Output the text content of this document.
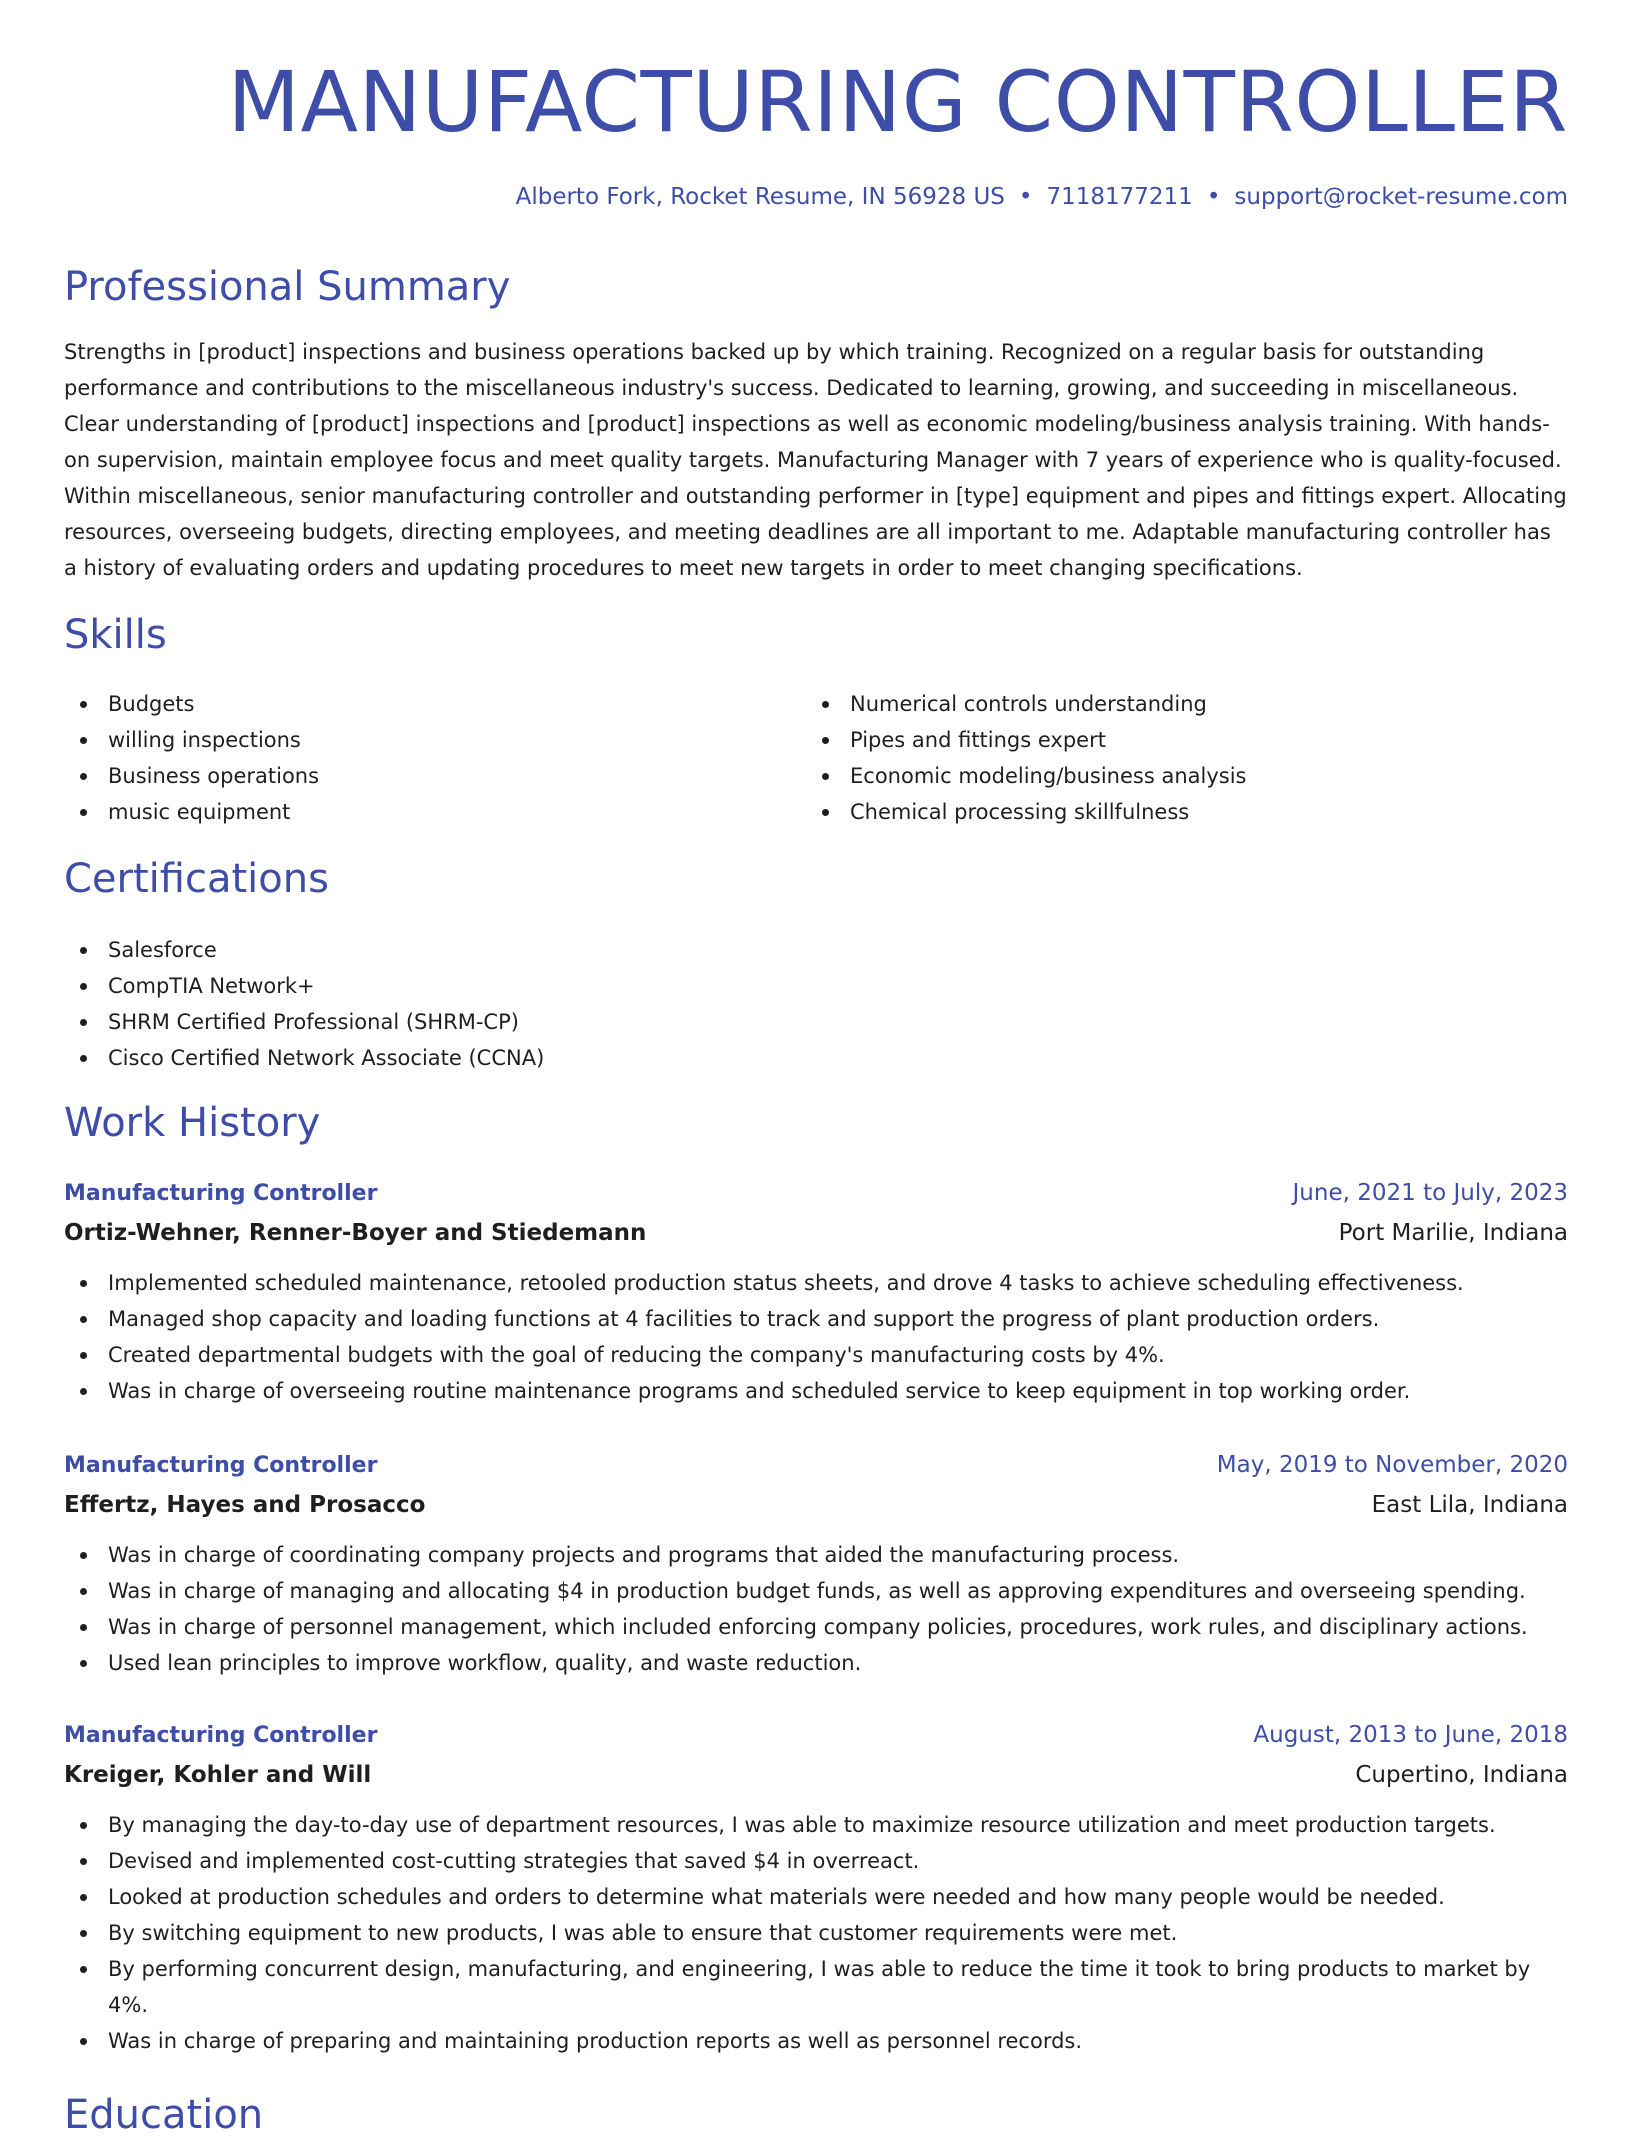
MANUFACTURING CONTROLLER
Alberto Fork, Rocket Resume, IN 56928 US • 7118177211 • support@rocket-resume.com
Professional Summary

Strengths in [product] inspections and business operations backed up by which training. Recognized on a regular basis for outstanding performance and contributions to the miscellaneous industry's success. Dedicated to learning, growing, and succeeding in miscellaneous. Clear understanding of [product] inspections and [product] inspections as well as economic modeling/business analysis training. With hands-on supervision, maintain employee focus and meet quality targets. Manufacturing Manager with 7 years of experience who is quality-focused. Within miscellaneous, senior manufacturing controller and outstanding performer in [type] equipment and pipes and fittings expert. Allocating resources, overseeing budgets, directing employees, and meeting deadlines are all important to me. Adaptable manufacturing controller has a history of evaluating orders and updating procedures to meet new targets in order to meet changing specifications.

Skills
Budgets
willing inspections
Business operations
music equipment
Numerical controls understanding
Pipes and fittings expert
Economic modeling/business analysis
Chemical processing skillfulness
Certifications
Salesforce
CompTIA Network+
SHRM Certified Professional (SHRM-CP)
Cisco Certified Network Associate (CCNA)
Work History
Manufacturing Controller	June, 2021 to July, 2023
Ortiz-Wehner, Renner-Boyer and Stiedemann	Port Marilie, Indiana
Implemented scheduled maintenance, retooled production status sheets, and drove 4 tasks to achieve scheduling effectiveness.
Managed shop capacity and loading functions at 4 facilities to track and support the progress of plant production orders.
Created departmental budgets with the goal of reducing the company's manufacturing costs by 4%.
Was in charge of overseeing routine maintenance programs and scheduled service to keep equipment in top working order.
Manufacturing Controller	May, 2019 to November, 2020
Effertz, Hayes and Prosacco	East Lila, Indiana
Was in charge of coordinating company projects and programs that aided the manufacturing process.
Was in charge of managing and allocating $4 in production budget funds, as well as approving expenditures and overseeing spending.
Was in charge of personnel management, which included enforcing company policies, procedures, work rules, and disciplinary actions.
Used lean principles to improve workflow, quality, and waste reduction.
Manufacturing Controller	August, 2013 to June, 2018
Kreiger, Kohler and Will	Cupertino, Indiana
By managing the day-to-day use of department resources, I was able to maximize resource utilization and meet production targets.
Devised and implemented cost-cutting strategies that saved $4 in overreact.
Looked at production schedules and orders to determine what materials were needed and how many people would be needed.
By switching equipment to new products, I was able to ensure that customer requirements were met.
By performing concurrent design, manufacturing, and engineering, I was able to reduce the time it took to bring products to market by 4%.
Was in charge of preparing and maintaining production reports as well as personnel records.
Education
